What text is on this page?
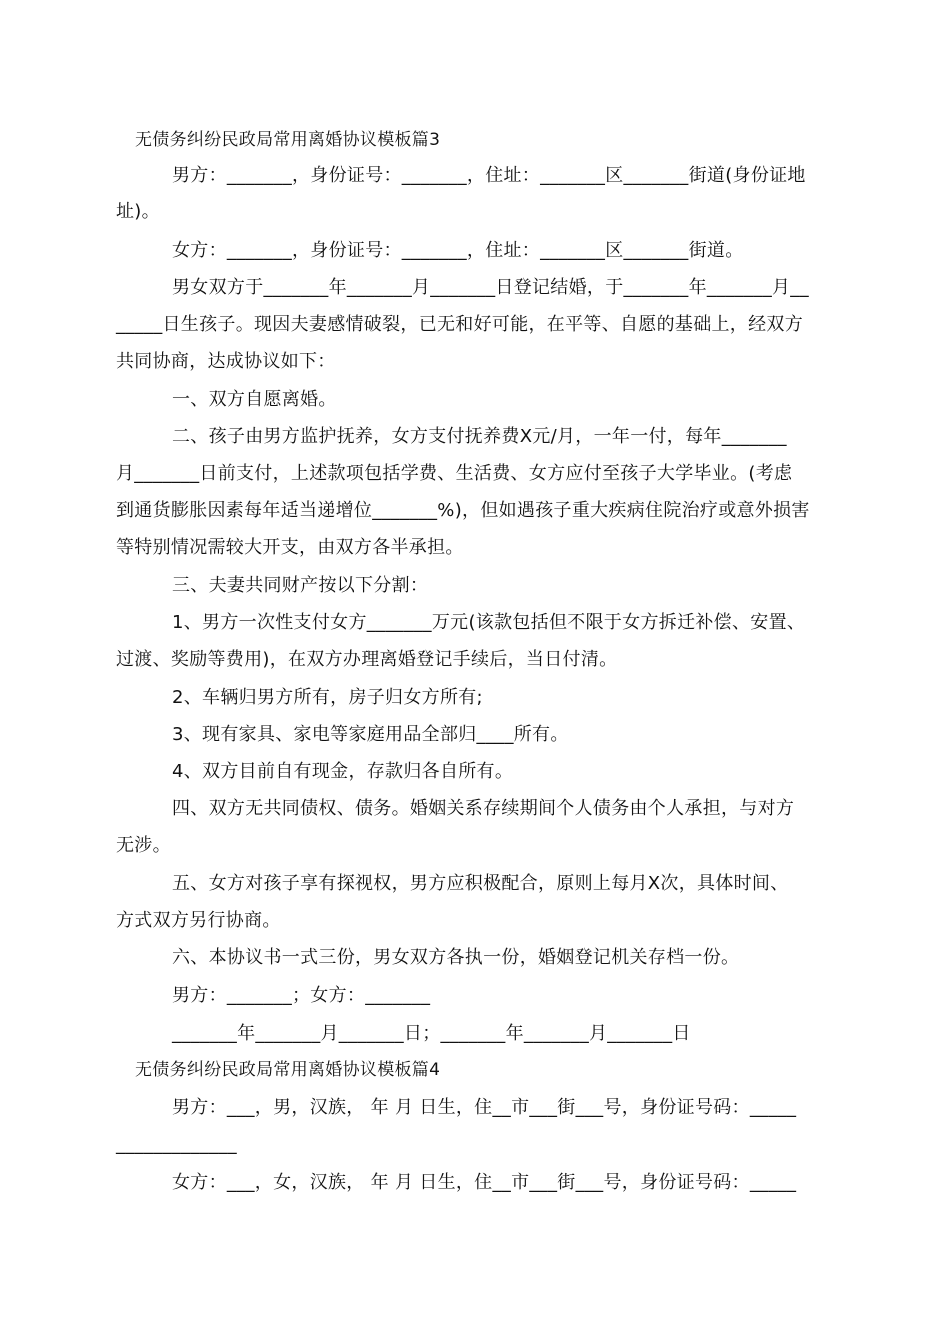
无债务纠纷民政局常用离婚协议模板篇3
男方：_______，身份证号：_______，住址：_______区_______街道(身份证地
址)。
女方：_______，身份证号：_______，住址：_______区_______街道。
男女双方于_______年_______月_______日登记结婚，于_______年_______月__
_____日生孩子。现因夫妻感情破裂，已无和好可能，在平等、自愿的基础上，经双方
共同协商，达成协议如下：
一、双方自愿离婚。
二、孩子由男方监护抚养，女方支付抚养费X元/月，一年一付，每年_______
月_______日前支付，上述款项包括学费、生活费、女方应付至孩子大学毕业。(考虑
到通货膨胀因素每年适当递增位_______%)，但如遇孩子重大疾病住院治疗或意外损害
等特别情况需较大开支，由双方各半承担。
三、夫妻共同财产按以下分割：
1、男方一次性支付女方_______万元(该款包括但不限于女方拆迁补偿、安置、
过渡、奖励等费用)，在双方办理离婚登记手续后，当日付清。
2、车辆归男方所有，房子归女方所有;
3、现有家具、家电等家庭用品全部归____所有。
4、双方目前自有现金，存款归各自所有。
四、双方无共同债权、债务。婚姻关系存续期间个人债务由个人承担，与对方
无涉。
五、女方对孩子享有探视权，男方应积极配合，原则上每月X次，具体时间、
方式双方另行协商。
六、本协议书一式三份，男女双方各执一份，婚姻登记机关存档一份。
男方：_______；女方：_______
_______年_______月_______日；_______年_______月_______日
无债务纠纷民政局常用离婚协议模板篇4
男方：___，男，汉族， 年 月 日生，住__市___街___号，身份证号码：_____
_____________
女方：___，女，汉族， 年 月 日生，住__市___街___号，身份证号码：_____
